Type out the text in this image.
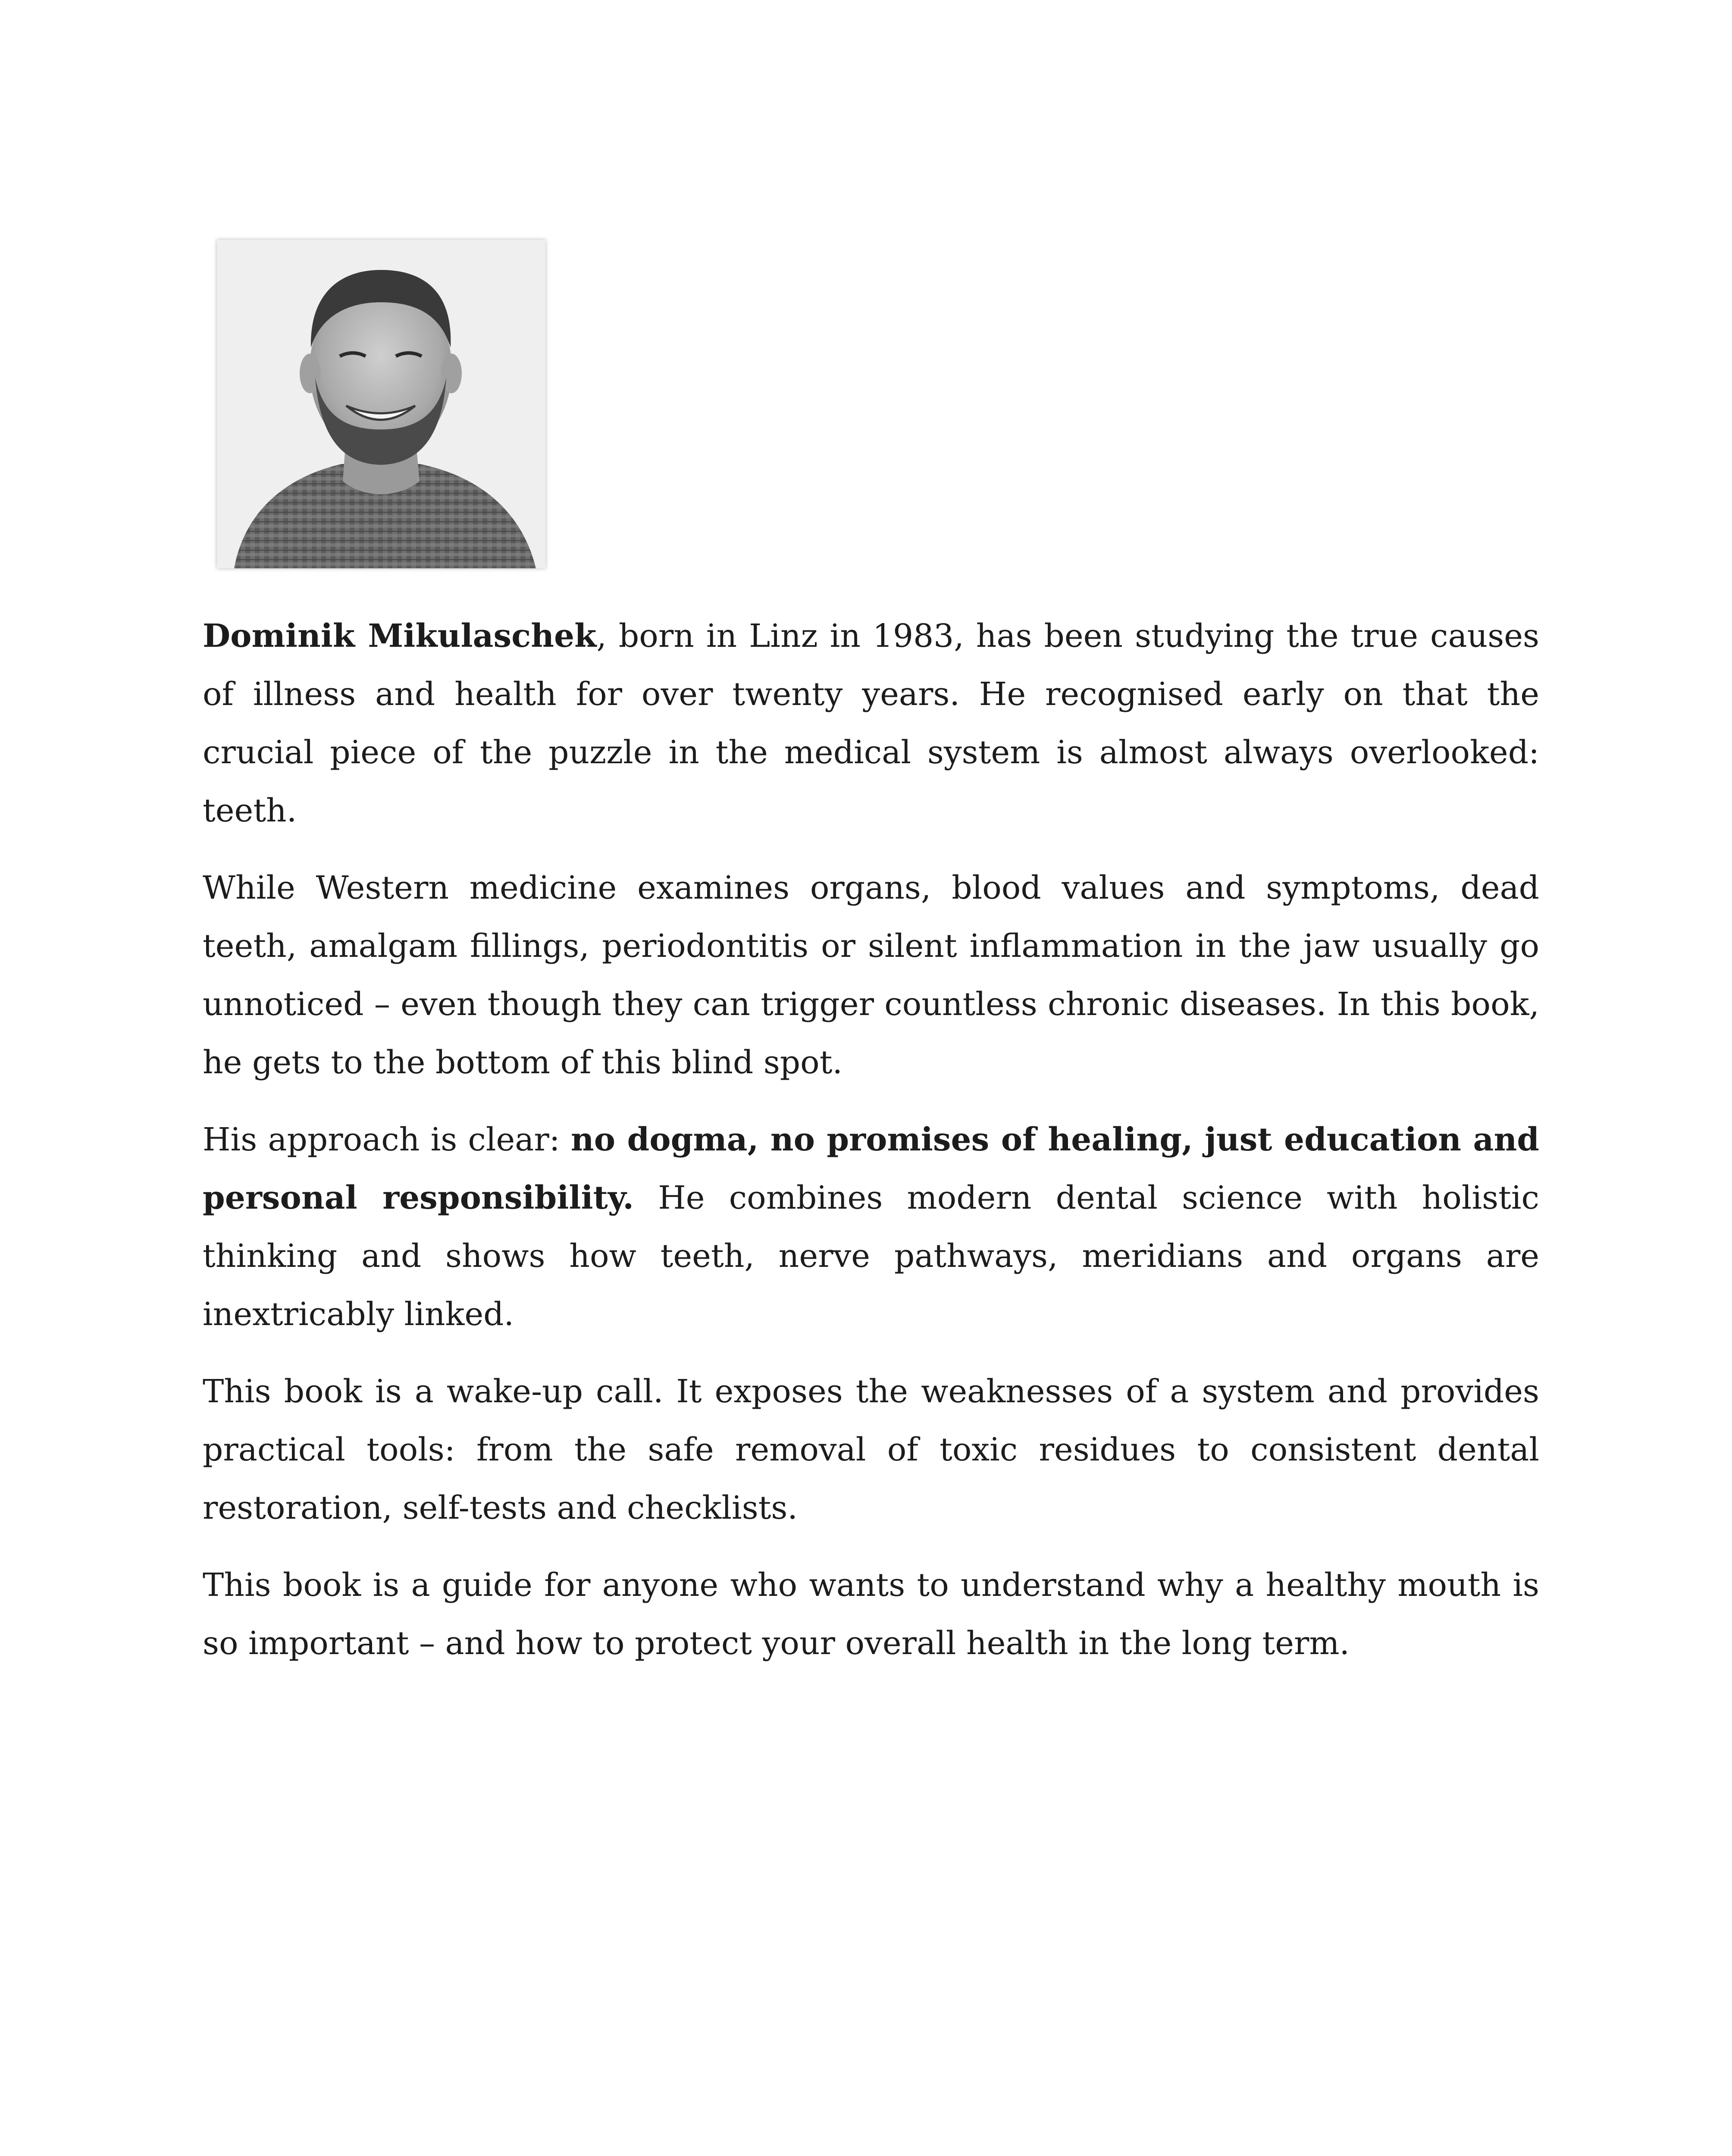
Dominik Mikulaschek, born in Linz in 1983, has been studying the true causes of illness and health for over twenty years. He recognised early on that the crucial piece of the puzzle in the medical system is almost always overlooked: teeth.

While Western medicine examines organs, blood values and symptoms, dead teeth, amalgam fillings, periodontitis or silent inflammation in the jaw usually go unnoticed – even though they can trigger countless chronic diseases. In this book, he gets to the bottom of this blind spot.

His approach is clear: no dogma, no promises of healing, just education and personal responsibility. He combines modern dental science with holistic thinking and shows how teeth, nerve pathways, meridians and organs are inextricably linked.

This book is a wake-up call. It exposes the weaknesses of a system and provides practical tools: from the safe removal of toxic residues to consistent dental restoration, self-tests and checklists.

This book is a guide for anyone who wants to understand why a healthy mouth is so important – and how to protect your overall health in the long term.
